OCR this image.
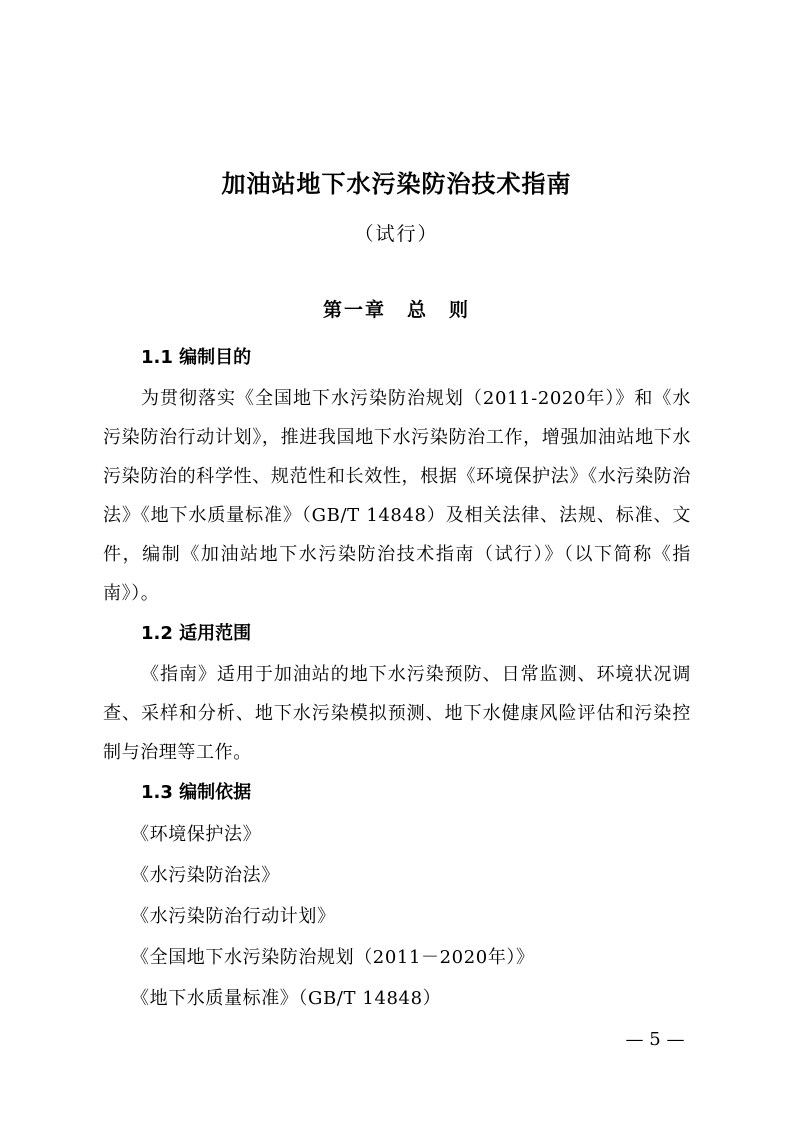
加油站地下水污染防治技术指南
（试行）
第一章　总　则
1.1 编制目的

为贯彻落实《全国地下水污染防治规划（2011-2020年）》和《水污染防治行动计划》，推进我国地下水污染防治工作，增强加油站地下水污染防治的科学性、规范性和长效性，根据《环境保护法》《水污染防治法》《地下水质量标准》（GB/T 14848）及相关法律、法规、标准、文件，编制《加油站地下水污染防治技术指南（试行）》（以下简称《指南》）。

1.2 适用范围

《指南》适用于加油站的地下水污染预防、日常监测、环境状况调查、采样和分析、地下水污染模拟预测、地下水健康风险评估和污染控制与治理等工作。

1.3 编制依据
《环境保护法》
《水污染防治法》
《水污染防治行动计划》
《全国地下水污染防治规划（2011－2020年）》
《地下水质量标准》（GB/T 14848）
— 5 —
